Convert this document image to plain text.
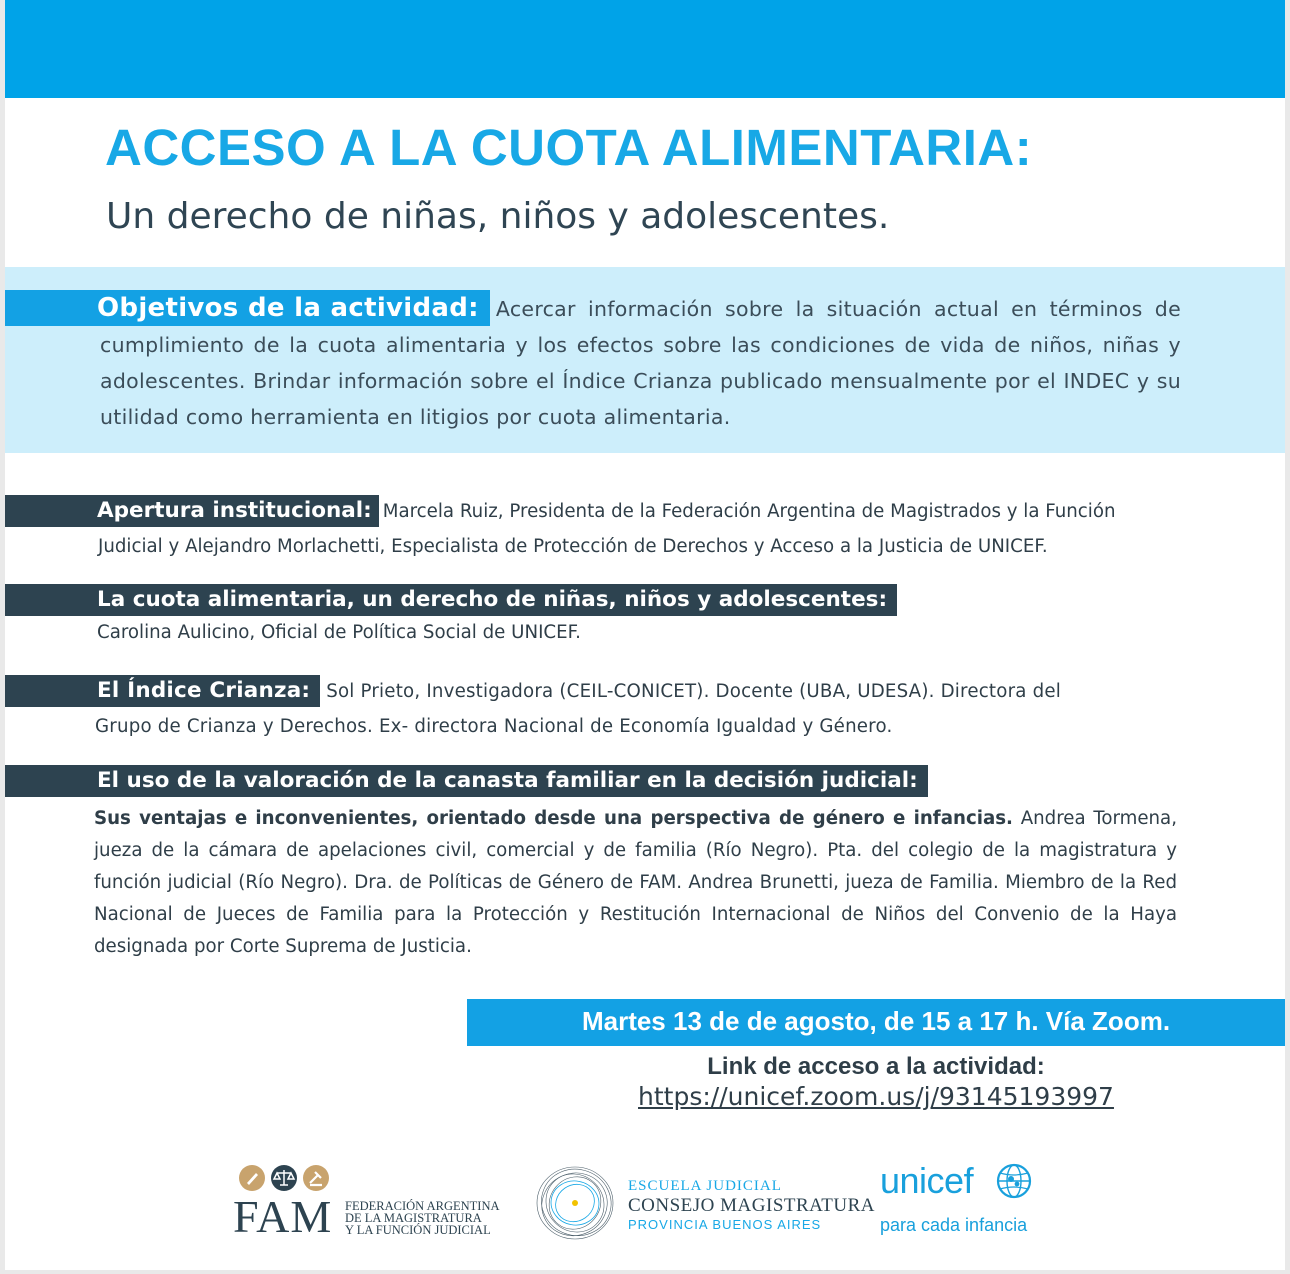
ACCESO A LA CUOTA ALIMENTARIA:
Un derecho de niñas, niños y adolescentes.

Objetivos de la actividad: Acercar información sobre la situación actual en términos de cumplimiento de la cuota alimentaria y los efectos sobre las condiciones de vida de niños, niñas y adolescentes. Brindar información sobre el Índice Crianza publicado mensualmente por el INDEC y su utilidad como herramienta en litigios por cuota alimentaria.

Apertura institucional: Marcela Ruiz, Presidenta de la Federación Argentina de Magistrados y la Función
Judicial y Alejandro Morlachetti, Especialista de Protección de Derechos y Acceso a la Justicia de UNICEF.

La cuota alimentaria, un derecho de niñas, niños y adolescentes:

Carolina Aulicino, Oficial de Política Social de UNICEF.

El Índice Crianza: Sol Prieto, Investigadora (CEIL-CONICET). Docente (UBA, UDESA). Directora del
Grupo de Crianza y Derechos. Ex- directora Nacional de Economía Igualdad y Género.

El uso de la valoración de la canasta familiar en la decisión judicial:

Sus ventajas e inconvenientes, orientado desde una perspectiva de género e infancias. Andrea Tormena, jueza de la cámara de apelaciones civil, comercial y de familia (Río Negro). Pta. del colegio de la magistratura y función judicial (Río Negro). Dra. de Políticas de Género de FAM. Andrea Brunetti, jueza de Familia. Miembro de la Red Nacional de Jueces de Familia para la Protección y Restitución Internacional de Niños del Convenio de la Haya designada por Corte Suprema de Justicia.

Martes 13 de de agosto, de 15 a 17 h. Vía Zoom.

Link de acceso a la actividad:

https://unicef.zoom.us/j/93145193997

FAM FEDERACIÓN ARGENTINA
DE LA MAGISTRATURA
Y LA FUNCIÓN JUDICIAL
ESCUELA JUDICIAL
CONSEJO MAGISTRATURA
PROVINCIA BUENOS AIRES
unicef
para cada infancia
